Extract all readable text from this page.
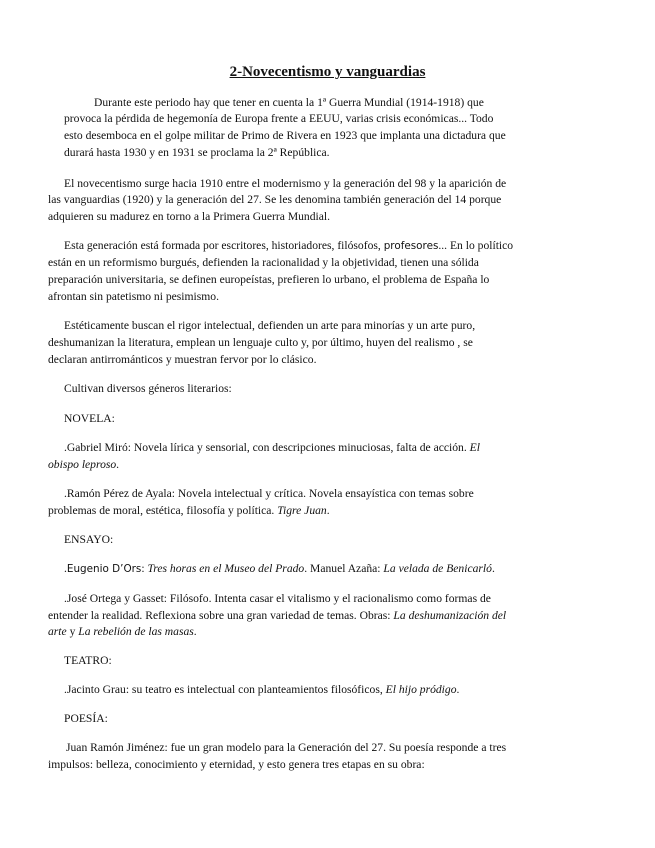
2-Novecentismo y vanguardias

Durante este periodo hay que tener en cuenta la 1ª Guerra Mundial (1914-1918) que

provoca la pérdida de hegemonía de Europa frente a EEUU, varias crisis económicas... Todo

esto desemboca en el golpe militar de Primo de Rivera en 1923 que implanta una dictadura que

durará hasta 1930 y en 1931 se proclama la 2ª República.

El novecentismo surge hacia 1910 entre el modernismo y la generación del 98 y la aparición de

las vanguardias (1920) y la generación del 27. Se les denomina también generación del 14 porque

adquieren su madurez en torno a la Primera Guerra Mundial.

Esta generación está formada por escritores, historiadores, filósofos, profesores... En lo político

están en un reformismo burgués, defienden la racionalidad y la objetividad, tienen una sólida

preparación universitaria, se definen europeístas, prefieren lo urbano, el problema de España lo

afrontan sin patetismo ni pesimismo.

Estéticamente buscan el rigor intelectual, defienden un arte para minorías y un arte puro,

deshumanizan la literatura, emplean un lenguaje culto y, por último, huyen del realismo , se

declaran antirrománticos y muestran fervor por lo clásico.

Cultivan diversos géneros literarios:

NOVELA:

.Gabriel Miró: Novela lírica y sensorial, con descripciones minuciosas, falta de acción. El

obispo leproso.

.Ramón Pérez de Ayala: Novela intelectual y crítica. Novela ensayística con temas sobre

problemas de moral, estética, filosofía y política. Tigre Juan.

ENSAYO:

.Eugenio D’Ors: Tres horas en el Museo del Prado. Manuel Azaña: La velada de Benicarló.

.José Ortega y Gasset: Filósofo. Intenta casar el vitalismo y el racionalismo como formas de

entender la realidad. Reflexiona sobre una gran variedad de temas. Obras: La deshumanización del

arte y La rebelión de las masas.

TEATRO:

.Jacinto Grau: su teatro es intelectual con planteamientos filosóficos, El hijo pródigo.

POESÍA:

Juan Ramón Jiménez: fue un gran modelo para la Generación del 27. Su poesía responde a tres

impulsos: belleza, conocimiento y eternidad, y esto genera tres etapas en su obra:
